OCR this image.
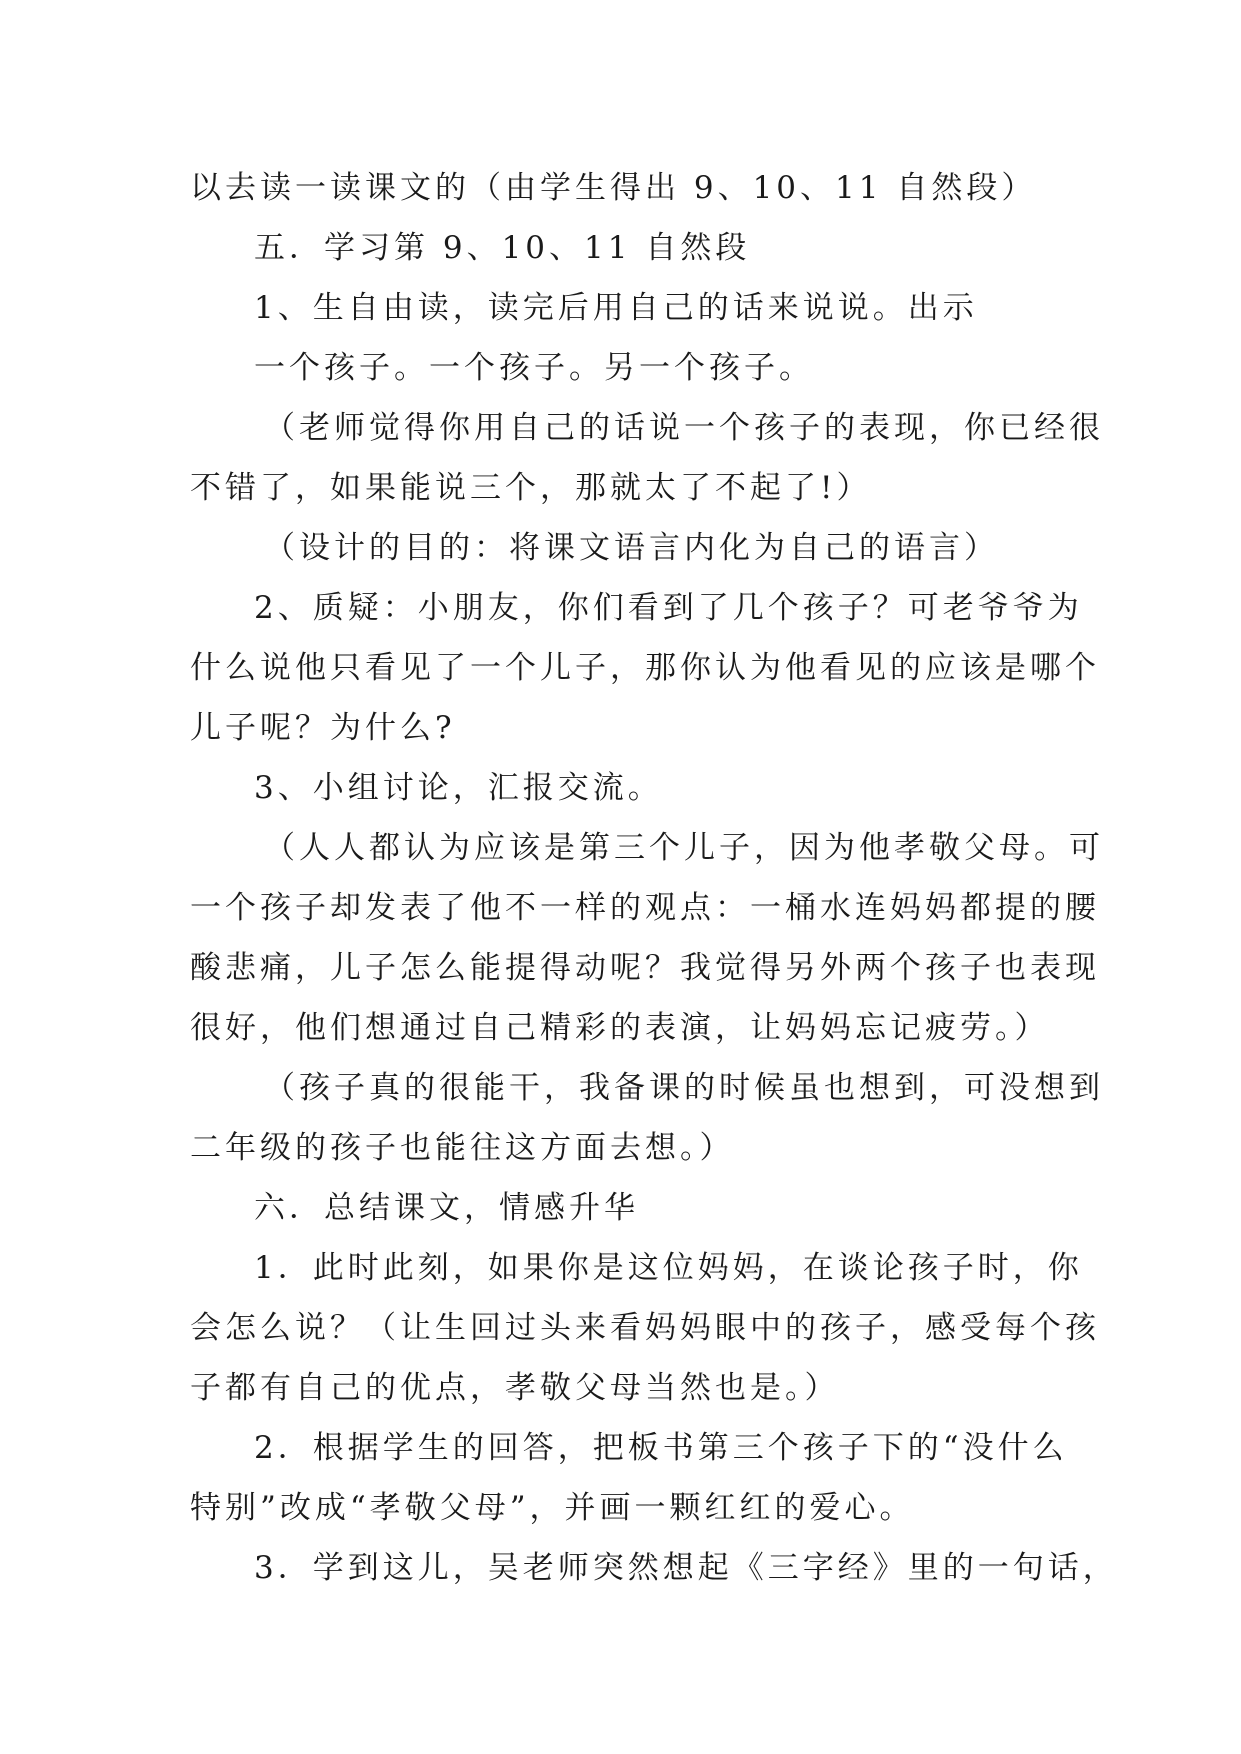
以去读一读课文的（由学生得出 9、10、11 自然段）
五．学习第 9、10、11 自然段
1、生自由读，读完后用自己的话来说说。出示
一个孩子。一个孩子。另一个孩子。
（老师觉得你用自己的话说一个孩子的表现，你已经很
不错了，如果能说三个，那就太了不起了!）
（设计的目的：将课文语言内化为自己的语言）
2、质疑：小朋友，你们看到了几个孩子？可老爷爷为
什么说他只看见了一个儿子，那你认为他看见的应该是哪个
儿子呢？为什么?
3、小组讨论，汇报交流。
（人人都认为应该是第三个儿子，因为他孝敬父母。可
一个孩子却发表了他不一样的观点：一桶水连妈妈都提的腰
酸悲痛，儿子怎么能提得动呢？我觉得另外两个孩子也表现
很好，他们想通过自己精彩的表演，让妈妈忘记疲劳。）
（孩子真的很能干，我备课的时候虽也想到，可没想到
二年级的孩子也能往这方面去想。）
六．总结课文，情感升华
1．此时此刻，如果你是这位妈妈，在谈论孩子时，你
会怎么说？（让生回过头来看妈妈眼中的孩子，感受每个孩
子都有自己的优点，孝敬父母当然也是。）
2．根据学生的回答，把板书第三个孩子下的“没什么
特别”改成“孝敬父母”，并画一颗红红的爱心。
3．学到这儿，吴老师突然想起《三字经》里的一句话，
